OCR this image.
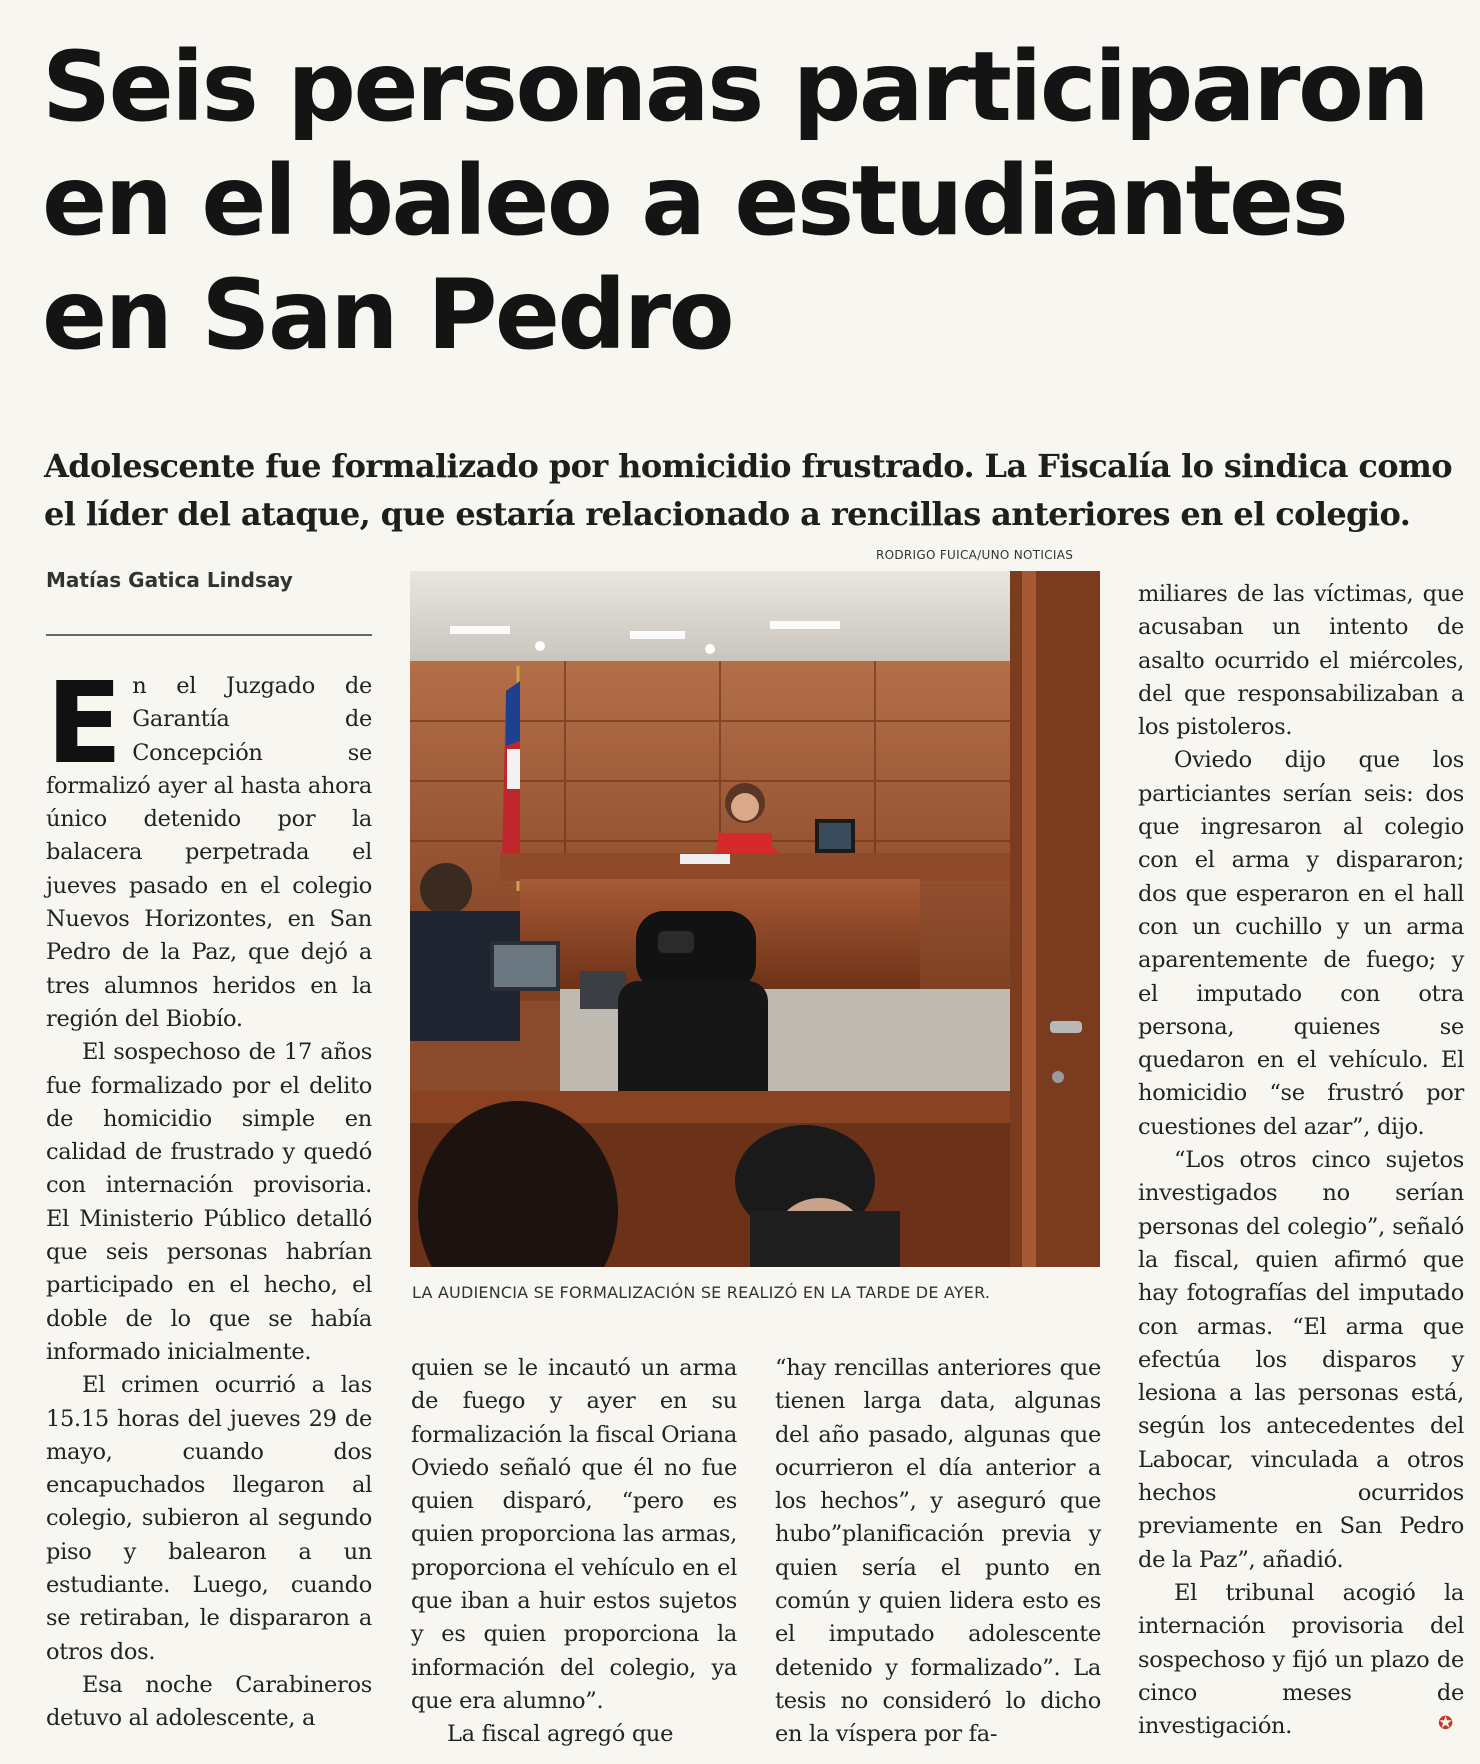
Seis personas participaron en el baleo a estudiantes en San Pedro

Adolescente fue formalizado por homicidio frustrado. La Fiscalía lo sindica como el líder del ataque, que estaría relacionado a rencillas anteriores en el colegio.

Matías Gatica Lindsay
RODRIGO FUICA/UNO NOTICIAS
LA AUDIENCIA SE FORMALIZACIÓN SE REALIZÓ EN LA TARDE DE AYER.

En el Juzgado de Garantía de Concepción se formalizó ayer al hasta ahora único detenido por la balacera perpetrada el jueves pasado en el colegio Nuevos Horizontes, en San Pedro de la Paz, que dejó a tres alumnos heridos en la región del Biobío.

El sospechoso de 17 años fue formalizado por el delito de homicidio simple en calidad de frustrado y quedó con internación provisoria. El Ministerio Público detalló que seis personas habrían participado en el hecho, el doble de lo que se había informado inicialmente.

El crimen ocurrió a las 15.15 horas del jueves 29 de mayo, cuando dos encapuchados llegaron al colegio, subieron al segundo piso y balearon a un estudiante. Luego, cuando se retiraban, le dispararon a otros dos.

Esa noche Carabineros detuvo al adolescente, a

quien se le incautó un arma de fuego y ayer en su formalización la fiscal Oriana Oviedo señaló que él no fue quien disparó, “pero es quien proporciona las armas, proporciona el vehículo en el que iban a huir estos sujetos y es quien proporciona la información del colegio, ya que era alumno”.

La fiscal agregó que

“hay rencillas anteriores que tienen larga data, algunas del año pasado, algunas que ocurrieron el día anterior a los hechos”, y aseguró que hubo”planificación previa y quien sería el punto en común y quien lidera esto es el imputado adolescente detenido y formalizado”. La tesis no consideró lo dicho en la víspera por fa-

miliares de las víctimas, que acusaban un intento de asalto ocurrido el miércoles, del que responsabilizaban a los pistoleros.

Oviedo dijo que los particiantes serían seis: dos que ingresaron al colegio con el arma y dispararon; dos que esperaron en el hall con un cuchillo y un arma aparentemente de fuego; y el imputado con otra persona, quienes se quedaron en el vehículo. El homicidio “se frustró por cuestiones del azar”, dijo.

“Los otros cinco sujetos investigados no serían personas del colegio”, señaló la fiscal, quien afirmó que hay fotografías del imputado con armas. “El arma que efectúa los disparos y lesiona a las personas está, según los antecedentes del Labocar, vinculada a otros hechos ocurridos previamente en San Pedro de la Paz”, añadió.

El tribunal acogió la internación provisoria del sospechoso y fijó un plazo de cinco meses de investigación.	✪
